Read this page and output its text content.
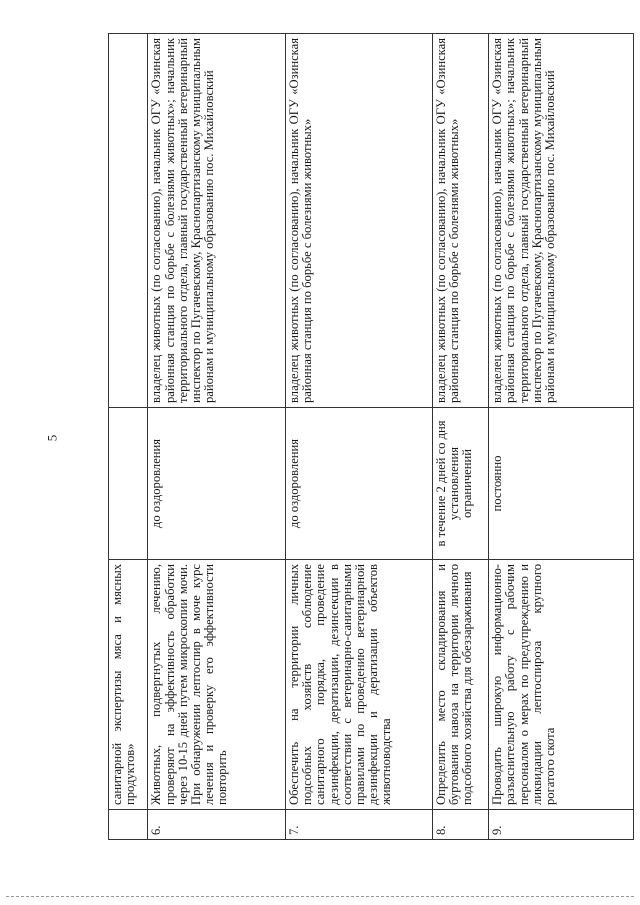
5
	санитарной экспертизы мяса и мясных продуктов»		
6.	Животных, подвергнутых лечению, проверяют на эффективность обработки через 10-15 дней путем микроскопии мочи. При обнаружении лептоспир в моче курс лечения и проверку его эффективности повторить	до оздоровления	владелец животных (по согласованию), начальник ОГУ «Озинская районная станция по борьбе с болезнями животных»; начальник территориального отдела, главный государственный ветеринарный инспектор по Пугачевскому, Краснопартизанскому муниципальным районам и муниципальному образованию пос. Михайловский
7.	Обеспечить на территории личных подсобных хозяйств соблюдение санитарного порядка, проведение дезинфекции, дератизации, дезинсекции в соответствии с ветеринарно-санитарными правилами по проведению ветеринарной дезинфекции и дератизации объектов животноводства	до оздоровления	владелец животных (по согласованию), начальник ОГУ «Озинская районная станция по борьбе с болезнями животных»
8.	Определить место складирования и буртования навоза на территории личного подсобного хозяйства для обеззараживания	в течение 2 дней со дня установления ограничений	владелец животных (по согласованию), начальник ОГУ «Озинская районная станция по борьбе с болезнями животных»
9.	Проводить широкую информационно-разъяснительную работу с рабочим персоналом о мерах по предупреждению и ликвидации лептоспироза крупного рогатого скота	постоянно	владелец животных (по согласованию), начальник ОГУ «Озинская районная станция по борьбе с болезнями животных»; начальник территориального отдела, главный государственный ветеринарный инспектор по Пугачевскому, Краснопартизанскому муниципальным районам и муниципальному образованию пос. Михайловский
